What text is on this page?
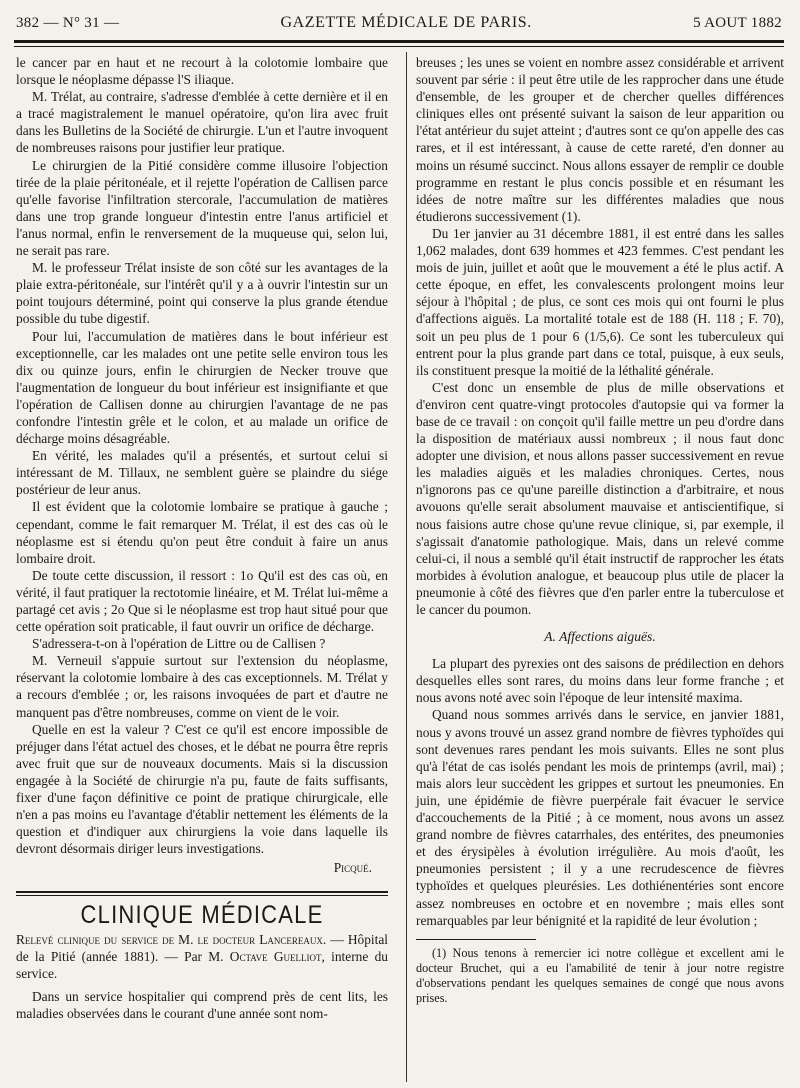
382 — N° 31 —	GAZETTE MÉDICALE DE PARIS.	5 AOUT 1882

le cancer par en haut et ne recourt à la colotomie lombaire que lorsque le néoplasme dépasse l'S iliaque.

M. Trélat, au contraire, s'adresse d'emblée à cette dernière et il en a tracé magistralement le manuel opératoire, qu'on lira avec fruit dans les Bulletins de la Société de chirurgie. L'un et l'autre invoquent de nombreuses raisons pour justifier leur pratique.

Le chirurgien de la Pitié considère comme illusoire l'objection tirée de la plaie péritonéale, et il rejette l'opération de Callisen parce qu'elle favorise l'infiltration stercorale, l'accumulation de matières dans une trop grande longueur d'intestin entre l'anus artificiel et l'anus normal, enfin le renversement de la muqueuse qui, selon lui, ne serait pas rare.

M. le professeur Trélat insiste de son côté sur les avantages de la plaie extra-péritonéale, sur l'intérêt qu'il y a à ouvrir l'intestin sur un point toujours déterminé, point qui conserve la plus grande étendue possible du tube digestif.

Pour lui, l'accumulation de matières dans le bout inférieur est exceptionnelle, car les malades ont une petite selle environ tous les dix ou quinze jours, enfin le chirurgien de Necker trouve que l'augmentation de longueur du bout inférieur est insignifiante et que l'opération de Callisen donne au chirurgien l'avantage de ne pas confondre l'intestin grêle et le colon, et au malade un orifice de décharge moins désagréable.

En vérité, les malades qu'il a présentés, et surtout celui si intéressant de M. Tillaux, ne semblent guère se plaindre du siége postérieur de leur anus.

Il est évident que la colotomie lombaire se pratique à gauche ; cependant, comme le fait remarquer M. Trélat, il est des cas où le néoplasme est si étendu qu'on peut être conduit à faire un anus lombaire droit.

De toute cette discussion, il ressort : 1o Qu'il est des cas où, en vérité, il faut pratiquer la rectotomie linéaire, et M. Trélat lui-même a partagé cet avis ; 2o Que si le néoplasme est trop haut situé pour que cette opération soit praticable, il faut ouvrir un orifice de décharge.

S'adressera-t-on à l'opération de Littre ou de Callisen ?

M. Verneuil s'appuie surtout sur l'extension du néoplasme, réservant la colotomie lombaire à des cas exceptionnels. M. Trélat y a recours d'emblée ; or, les raisons invoquées de part et d'autre ne manquent pas d'être nombreuses, comme on vient de le voir.

Quelle en est la valeur ? C'est ce qu'il est encore impossible de préjuger dans l'état actuel des choses, et le débat ne pourra être repris avec fruit que sur de nouveaux documents. Mais si la discussion engagée à la Société de chirurgie n'a pu, faute de faits suffisants, fixer d'une façon définitive ce point de pratique chirurgicale, elle n'en a pas moins eu l'avantage d'établir nettement les éléments de la question et d'indiquer aux chirurgiens la voie dans laquelle ils devront désormais diriger leurs investigations.

Picqué.
CLINIQUE MÉDICALE

Relevé clinique du service de M. le docteur Lancereaux. — Hôpital de la Pitié (année 1881). — Par M. Octave Guelliot, interne du service.

Dans un service hospitalier qui comprend près de cent lits, les maladies observées dans le courant d'une année sont nom-

breuses ; les unes se voient en nombre assez considérable et arrivent souvent par série : il peut être utile de les rapprocher dans une étude d'ensemble, de les grouper et de chercher quelles différences cliniques elles ont présenté suivant la saison de leur apparition ou l'état antérieur du sujet atteint ; d'autres sont ce qu'on appelle des cas rares, et il est intéressant, à cause de cette rareté, d'en donner au moins un résumé succinct. Nous allons essayer de remplir ce double programme en restant le plus concis possible et en résumant les idées de notre maître sur les différentes maladies que nous étudierons successivement (1).

Du 1er janvier au 31 décembre 1881, il est entré dans les salles 1,062 malades, dont 639 hommes et 423 femmes. C'est pendant les mois de juin, juillet et août que le mouvement a été le plus actif. A cette époque, en effet, les convalescents prolongent moins leur séjour à l'hôpital ; de plus, ce sont ces mois qui ont fourni le plus d'affections aiguës. La mortalité totale est de 188 (H. 118 ; F. 70), soit un peu plus de 1 pour 6 (1/5,6). Ce sont les tuberculeux qui entrent pour la plus grande part dans ce total, puisque, à eux seuls, ils constituent presque la moitié de la léthalité générale.

C'est donc un ensemble de plus de mille observations et d'environ cent quatre-vingt protocoles d'autopsie qui va former la base de ce travail : on conçoit qu'il faille mettre un peu d'ordre dans la disposition de matériaux aussi nombreux ; il nous faut donc adopter une division, et nous allons passer successivement en revue les maladies aiguës et les maladies chroniques. Certes, nous n'ignorons pas ce qu'une pareille distinction a d'arbitraire, et nous avouons qu'elle serait absolument mauvaise et antiscientifique, si nous faisions autre chose qu'une revue clinique, si, par exemple, il s'agissait d'anatomie pathologique. Mais, dans un relevé comme celui-ci, il nous a semblé qu'il était instructif de rapprocher les états morbides à évolution analogue, et beaucoup plus utile de placer la pneumonie à côté des fièvres que d'en parler entre la tuberculose et le cancer du poumon.

A. Affections aiguës.

La plupart des pyrexies ont des saisons de prédilection en dehors desquelles elles sont rares, du moins dans leur forme franche ; et nous avons noté avec soin l'époque de leur intensité maxima.

Quand nous sommes arrivés dans le service, en janvier 1881, nous y avons trouvé un assez grand nombre de fièvres typhoïdes qui sont devenues rares pendant les mois suivants. Elles ne sont plus qu'à l'état de cas isolés pendant les mois de printemps (avril, mai) ; mais alors leur succèdent les grippes et surtout les pneumonies. En juin, une épidémie de fièvre puerpérale fait évacuer le service d'accouchements de la Pitié ; à ce moment, nous avons un assez grand nombre de fièvres catarrhales, des entérites, des pneumonies et des érysipèles à évolution irrégulière. Au mois d'août, les pneumonies persistent ; il y a une recrudescence de fièvres typhoïdes et quelques pleurésies. Les dothiénentéries sont encore assez nombreuses en octobre et en novembre ; mais elles sont remarquables par leur bénignité et la rapidité de leur évolution ;

(1) Nous tenons à remercier ici notre collègue et excellent ami le docteur Bruchet, qui a eu l'amabilité de tenir à jour notre registre d'observations pendant les quelques semaines de congé que nous avons prises.
